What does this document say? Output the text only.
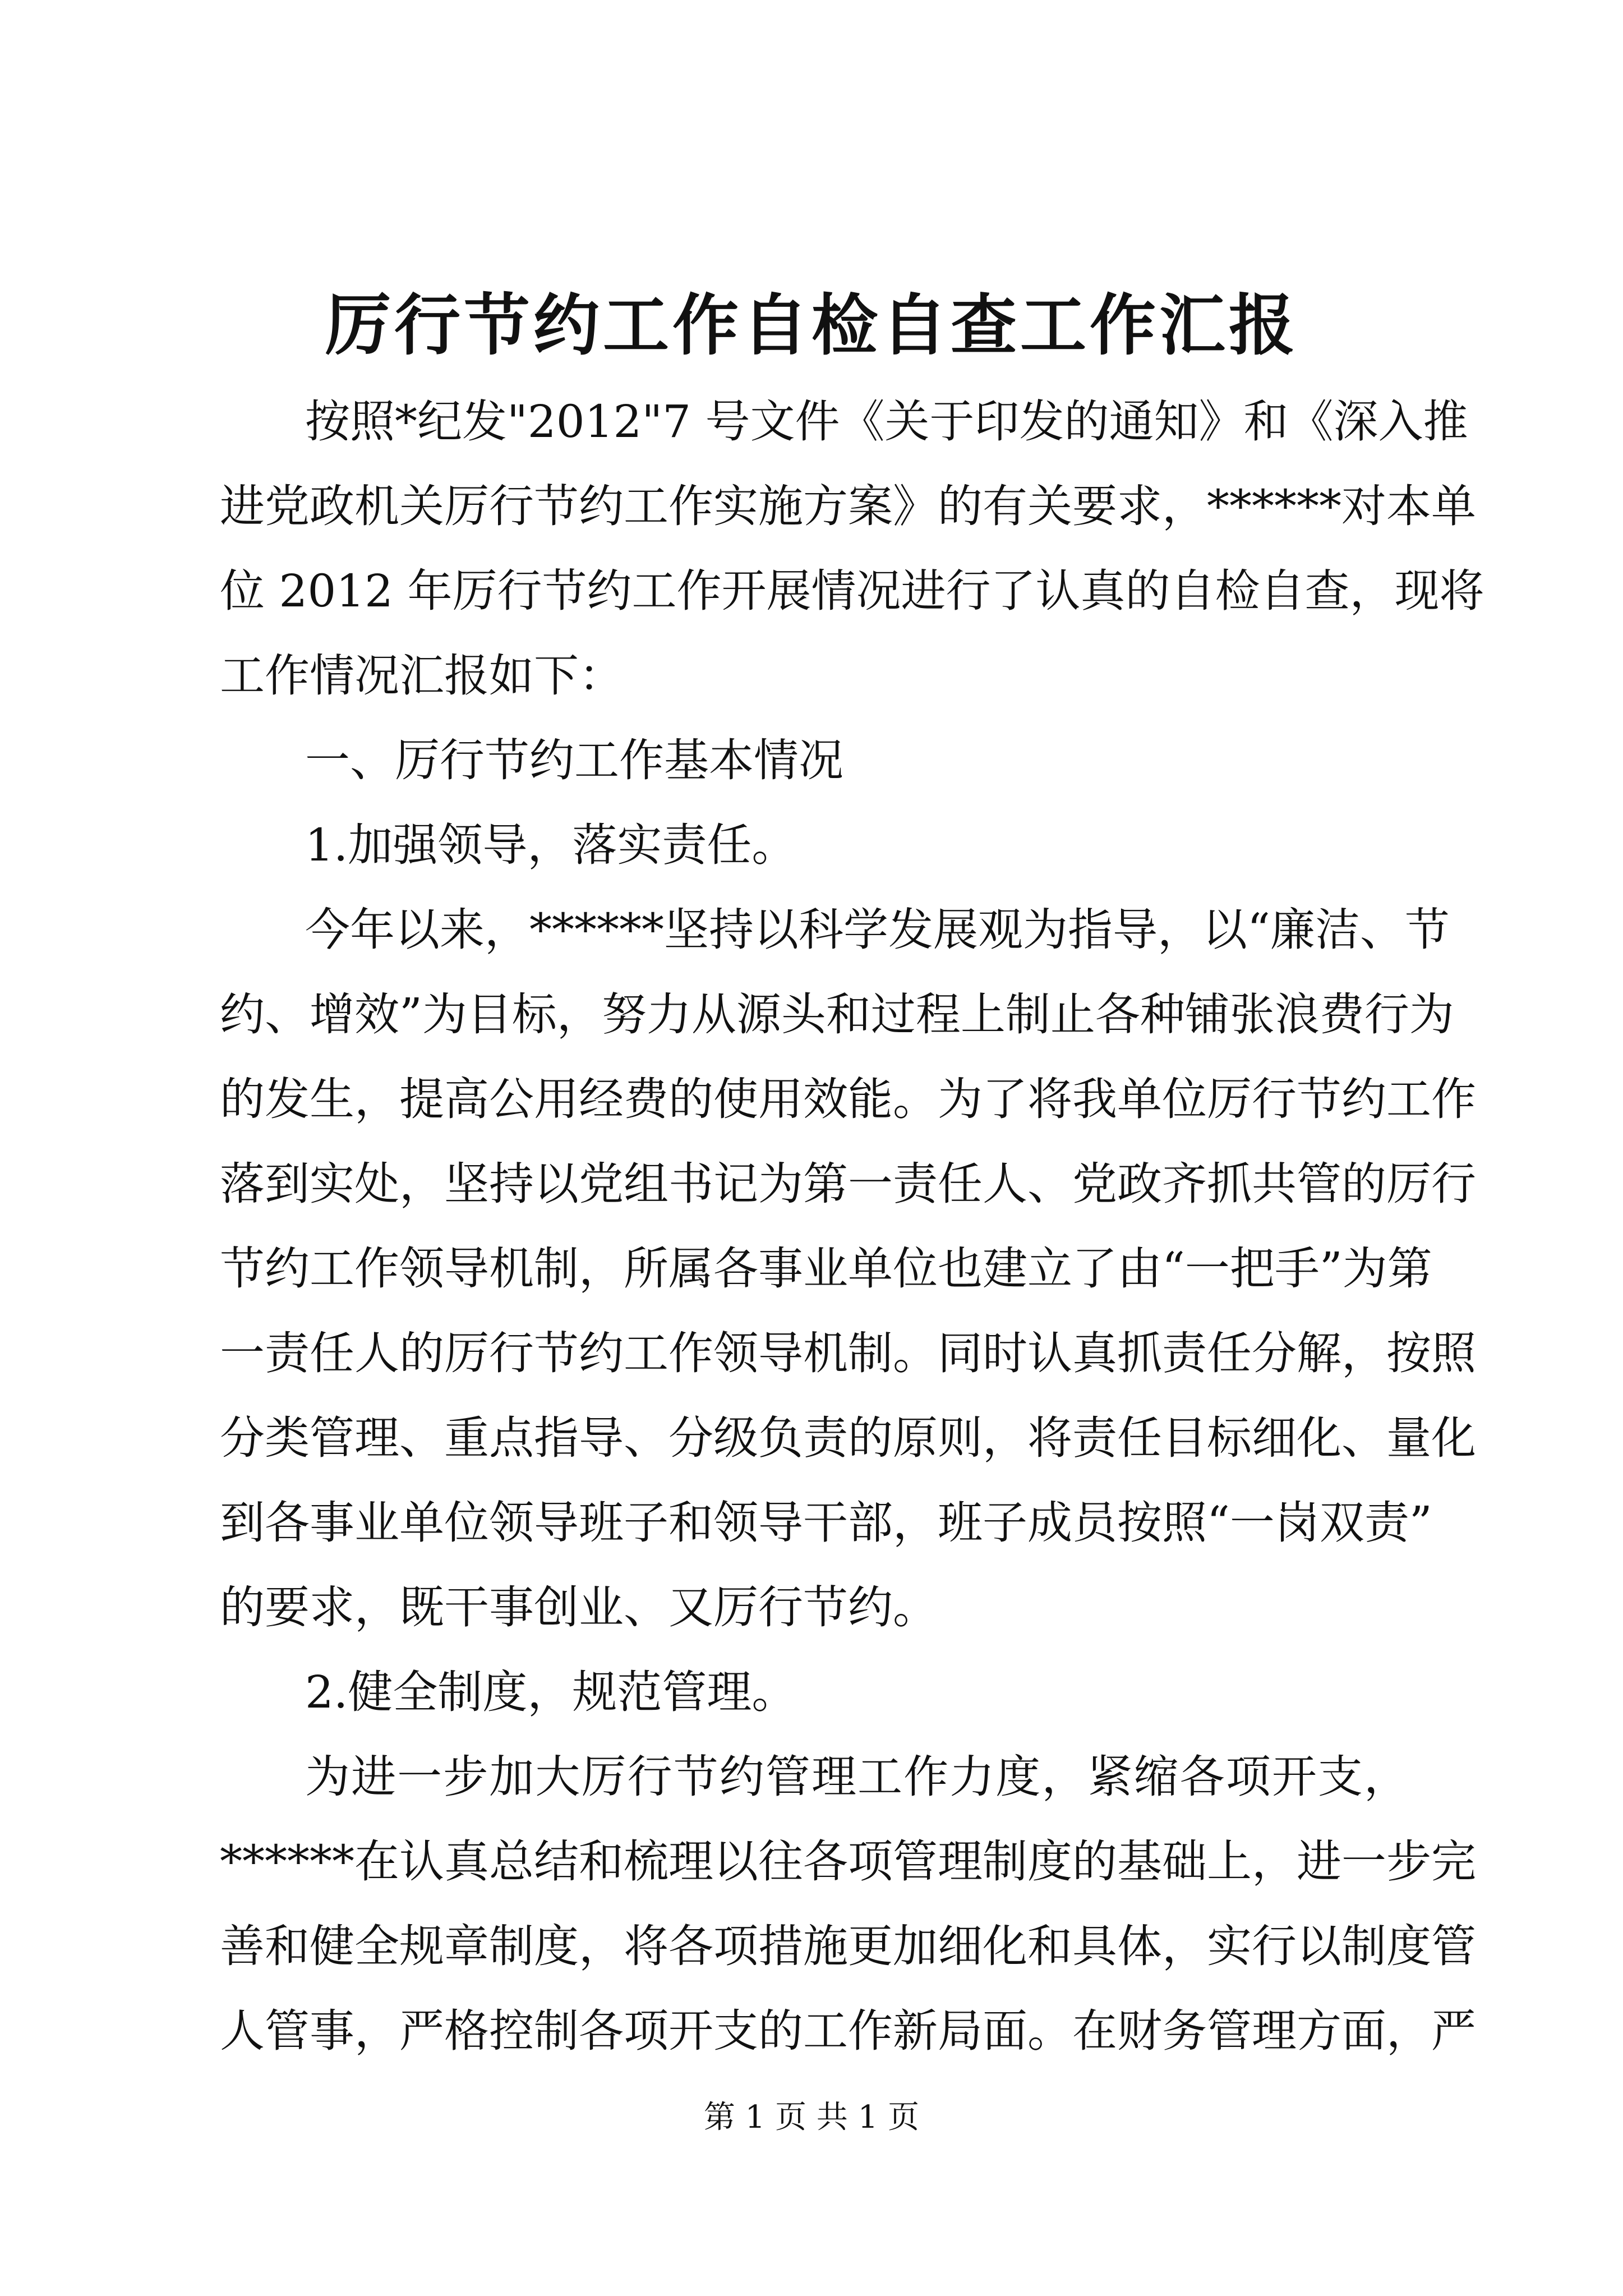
厉行节约工作自检自查工作汇报
按照*纪发"2012"7 号文件《关于印发的通知》和《深入推
进党政机关厉行节约工作实施方案》的有关要求，******对本单
位 2012 年厉行节约工作开展情况进行了认真的自检自查，现将
工作情况汇报如下：
一、厉行节约工作基本情况
1.加强领导，落实责任。
今年以来，******坚持以科学发展观为指导，以“廉洁、节
约、增效”为目标，努力从源头和过程上制止各种铺张浪费行为
的发生，提高公用经费的使用效能。为了将我单位厉行节约工作
落到实处，坚持以党组书记为第一责任人、党政齐抓共管的厉行
节约工作领导机制，所属各事业单位也建立了由“一把手”为第
一责任人的厉行节约工作领导机制。同时认真抓责任分解，按照
分类管理、重点指导、分级负责的原则，将责任目标细化、量化
到各事业单位领导班子和领导干部，班子成员按照“一岗双责”
的要求，既干事创业、又厉行节约。
2.健全制度，规范管理。
为进一步加大厉行节约管理工作力度，紧缩各项开支，
******在认真总结和梳理以往各项管理制度的基础上，进一步完
善和健全规章制度，将各项措施更加细化和具体，实行以制度管
人管事，严格控制各项开支的工作新局面。在财务管理方面，严
第 1 页 共 1 页
